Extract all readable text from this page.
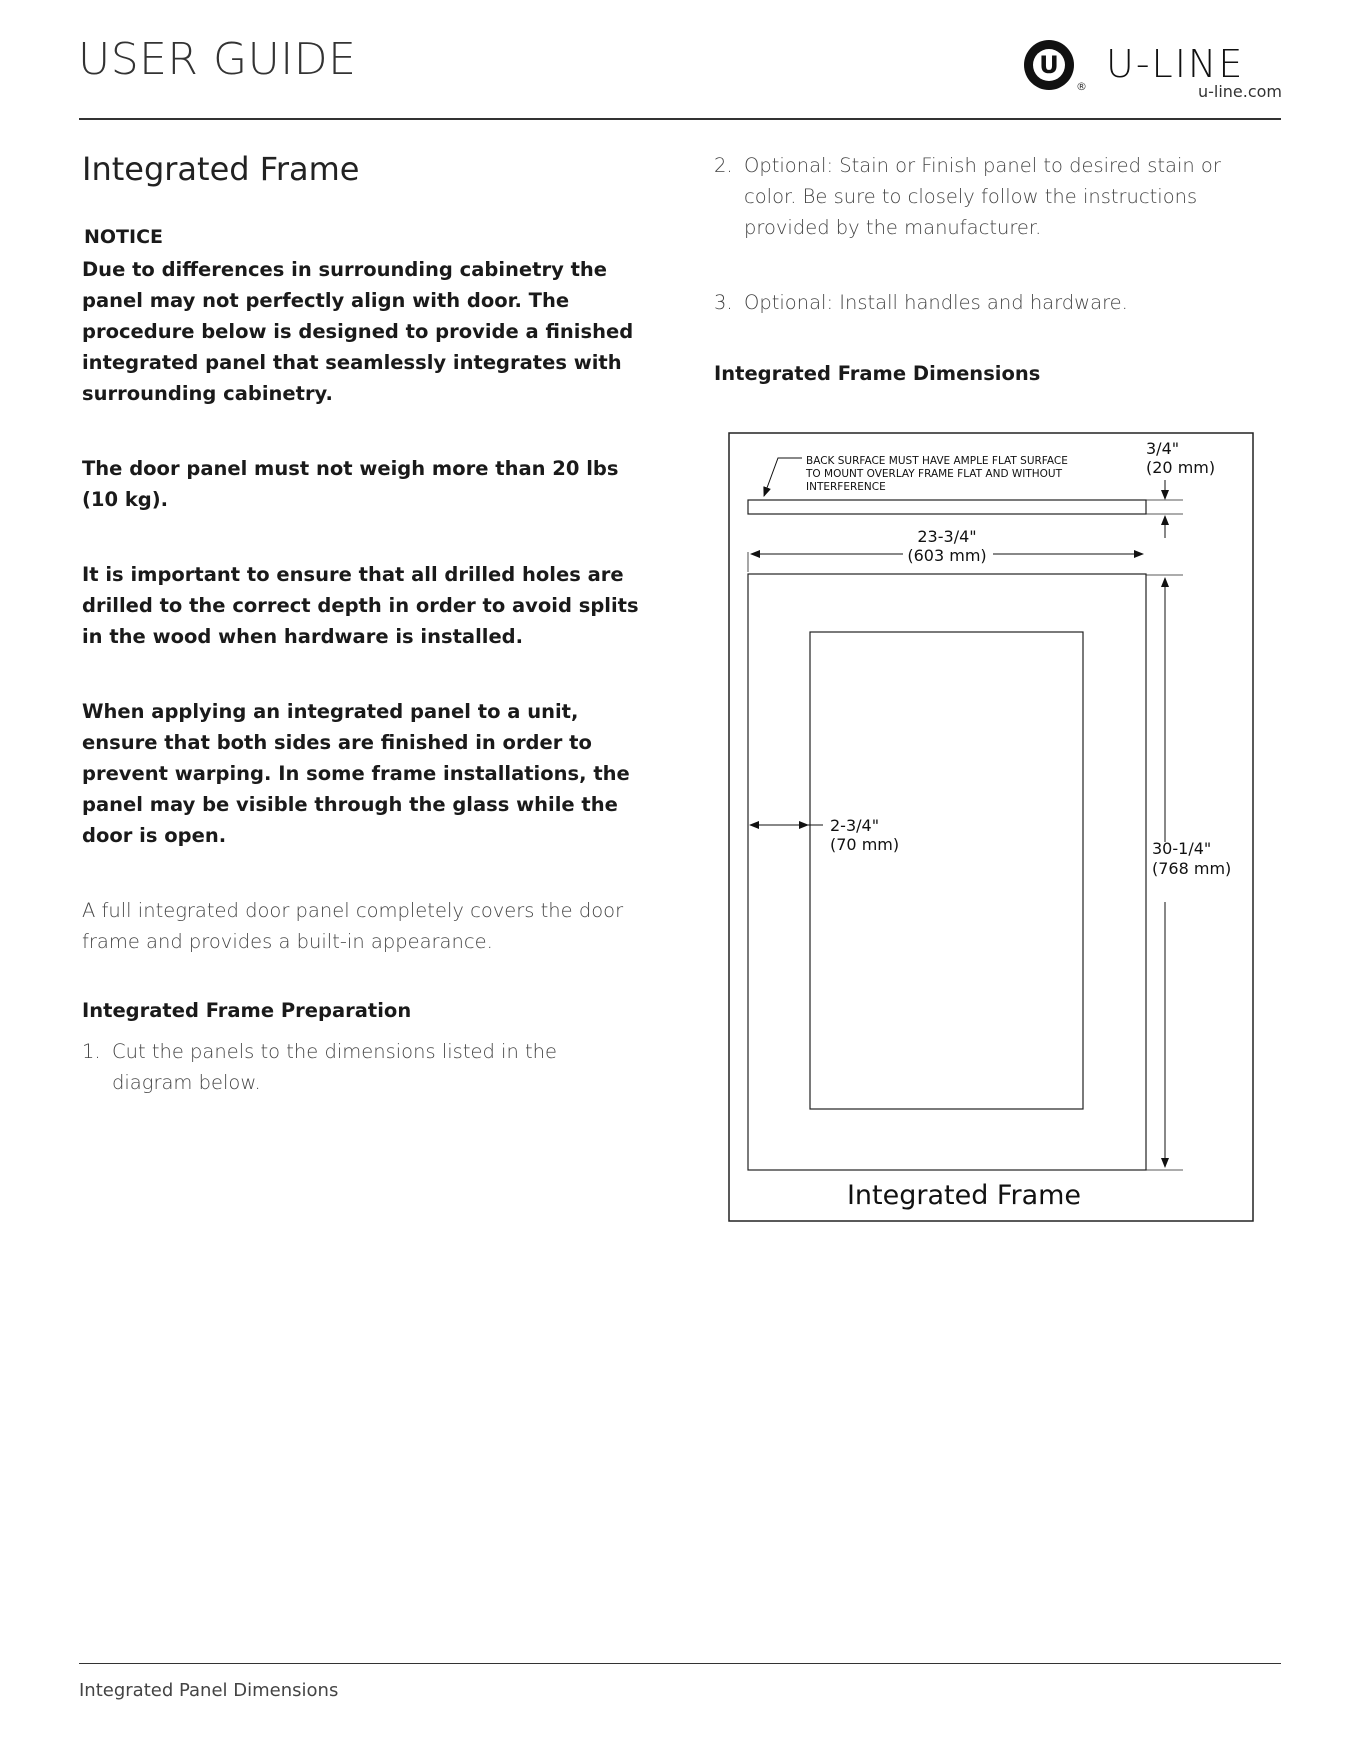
USER GUIDE	U
®
U-LINE
u-line.com
Integrated Frame
NOTICE

Due to differences in surrounding cabinetry the panel may not perfectly align with door. The procedure below is designed to provide a finished integrated panel that seamlessly integrates with surrounding cabinetry.

The door panel must not weigh more than 20 lbs (10 kg).

It is important to ensure that all drilled holes are drilled to the correct depth in order to avoid splits in the wood when hardware is installed.

When applying an integrated panel to a unit, ensure that both sides are finished in order to prevent warping. In some frame installations, the panel may be visible through the glass while the door is open.

A full integrated door panel completely covers the door frame and provides a built-in appearance.

Integrated Frame Preparation
1. Cut the panels to the dimensions listed in the diagram below.
2. Optional: Stain or Finish panel to desired stain or color. Be sure to closely follow the instructions provided by the manufacturer.
3. Optional: Install handles and hardware.
Integrated Frame Dimensions
BACK SURFACE MUST HAVE AMPLE FLAT SURFACE
TO MOUNT OVERLAY FRAME FLAT AND WITHOUT
INTERFERENCE
3/4"
(20 mm)
23-3/4"
(603 mm)
2-3/4"
(70 mm)	30-1/4"
(768 mm)
Integrated Frame
Integrated Panel Dimensions
